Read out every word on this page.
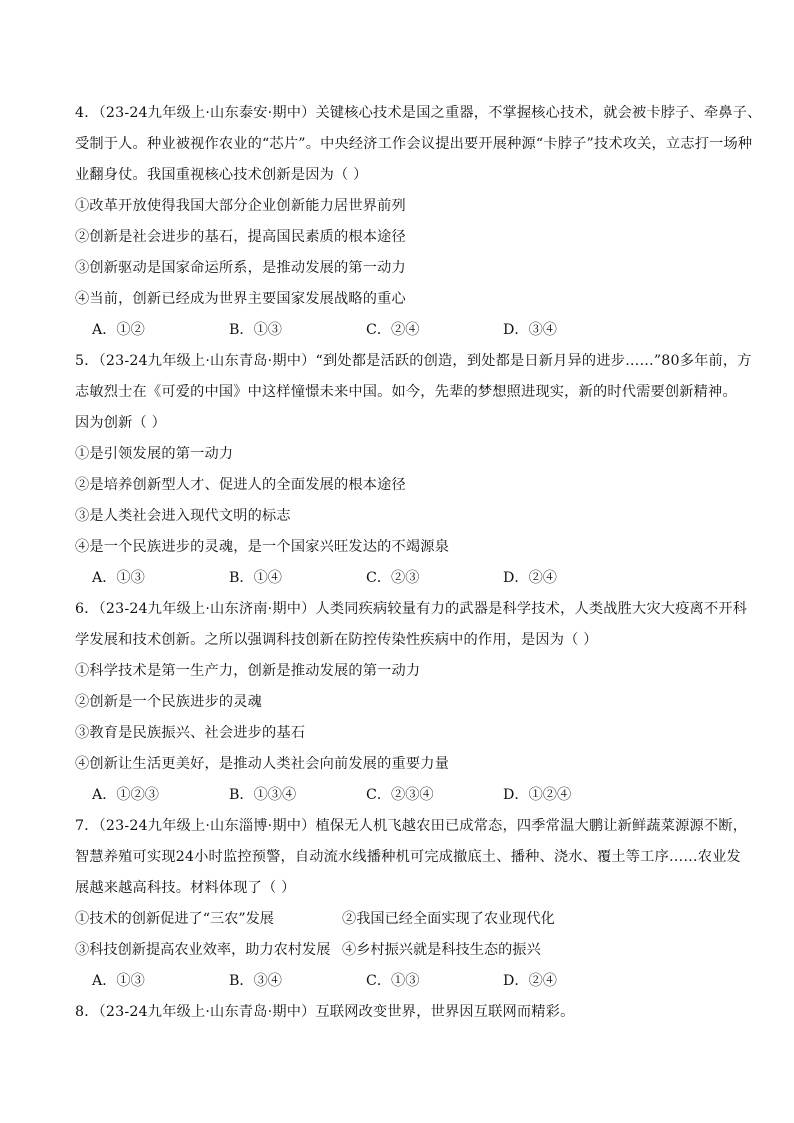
4．（23-24九年级上·山东泰安·期中）关键核心技术是国之重器，不掌握核心技术，就会被卡脖子、牵鼻子、
受制于人。种业被视作农业的“芯片”。中央经济工作会议提出要开展种源“卡脖子”技术攻关，立志打一场种
业翻身仗。我国重视核心技术创新是因为（ ）
①改革开放使得我国大部分企业创新能力居世界前列
②创新是社会进步的基石，提高国民素质的根本途径
③创新驱动是国家命运所系，是推动发展的第一动力
④当前，创新已经成为世界主要国家发展战略的重心
A．①②	B．①③	C．②④	D．③④
5．（23-24九年级上·山东青岛·期中）“到处都是活跃的创造，到处都是日新月异的进步……”80多年前，方
志敏烈士在《可爱的中国》中这样憧憬未来中国。如今，先辈的梦想照进现实，新的时代需要创新精神。
因为创新（ ）
①是引领发展的第一动力
②是培养创新型人才、促进人的全面发展的根本途径
③是人类社会进入现代文明的标志
④是一个民族进步的灵魂，是一个国家兴旺发达的不竭源泉
A．①③	B．①④	C．②③	D．②④
6．（23-24九年级上·山东济南·期中）人类同疾病较量有力的武器是科学技术，人类战胜大灾大疫离不开科
学发展和技术创新。之所以强调科技创新在防控传染性疾病中的作用，是因为（ ）
①科学技术是第一生产力，创新是推动发展的第一动力
②创新是一个民族进步的灵魂
③教育是民族振兴、社会进步的基石
④创新让生活更美好，是推动人类社会向前发展的重要力量
A．①②③	B．①③④	C．②③④	D．①②④
7．（23-24九年级上·山东淄博·期中）植保无人机飞越农田已成常态，四季常温大鹏让新鲜蔬菜源源不断，
智慧养殖可实现24小时监控预警，自动流水线播种机可完成撤底土、播种、浇水、覆土等工序……农业发
展越来越高科技。材料体现了（ ）
①技术的创新促进了“三农”发展	②我国已经全面实现了农业现代化
③科技创新提高农业效率，助力农村发展 ④乡村振兴就是科技生态的振兴
A．①③	B．③④	C．①③	D．②④
8．（23-24九年级上·山东青岛·期中）互联网改变世界，世界因互联网而精彩。
